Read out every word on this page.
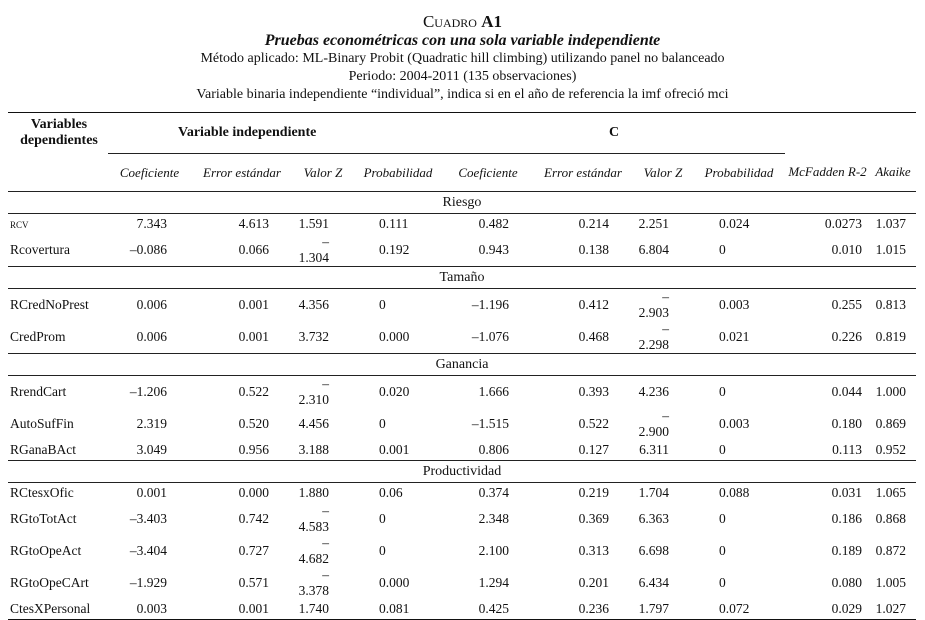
Cuadro A1
Pruebas econométricas con una sola variable independiente
Método aplicado: ML-Binary Probit (Quadratic hill climbing) utilizando panel no balanceado
Periodo: 2004-2011 (135 observaciones)
Variable binaria independiente “individual”, indica si en el año de referencia la imf ofreció mci
Variables dependientes	Variable independiente				C					
	Coeficiente	Error estándar	Valor Z	Probabilidad	Coeficiente	Error estándar	Valor Z	Probabilidad	McFadden R-2	Akaike
Riesgo										
rcv	7.343	4.613	1.591	0.111	0.482	0.214	2.251	0.024	0.0273	1.037
Rcovertura	–0.086	0.066	–1.304	0.192	0.943	0.138	6.804	0	0.010	1.015
Tamaño										
RCredNoPrest	0.006	0.001	4.356	0	–1.196	0.412	–2.903	0.003	0.255	0.813
CredProm	0.006	0.001	3.732	0.000	–1.076	0.468	–2.298	0.021	0.226	0.819
Ganancia										
RrendCart	–1.206	0.522	–2.310	0.020	1.666	0.393	4.236	0	0.044	1.000
AutoSufFin	2.319	0.520	4.456	0	–1.515	0.522	–2.900	0.003	0.180	0.869
RGanaBAct	3.049	0.956	3.188	0.001	0.806	0.127	6.311	0	0.113	0.952
Productividad										
RCtesxOfic	0.001	0.000	1.880	0.06	0.374	0.219	1.704	0.088	0.031	1.065
RGtoTotAct	–3.403	0.742	–4.583	0	2.348	0.369	6.363	0	0.186	0.868
RGtoOpeAct	–3.404	0.727	–4.682	0	2.100	0.313	6.698	0	0.189	0.872
RGtoOpeCArt	–1.929	0.571	–3.378	0.000	1.294	0.201	6.434	0	0.080	1.005
CtesXPersonal	0.003	0.001	1.740	0.081	0.425	0.236	1.797	0.072	0.029	1.027
